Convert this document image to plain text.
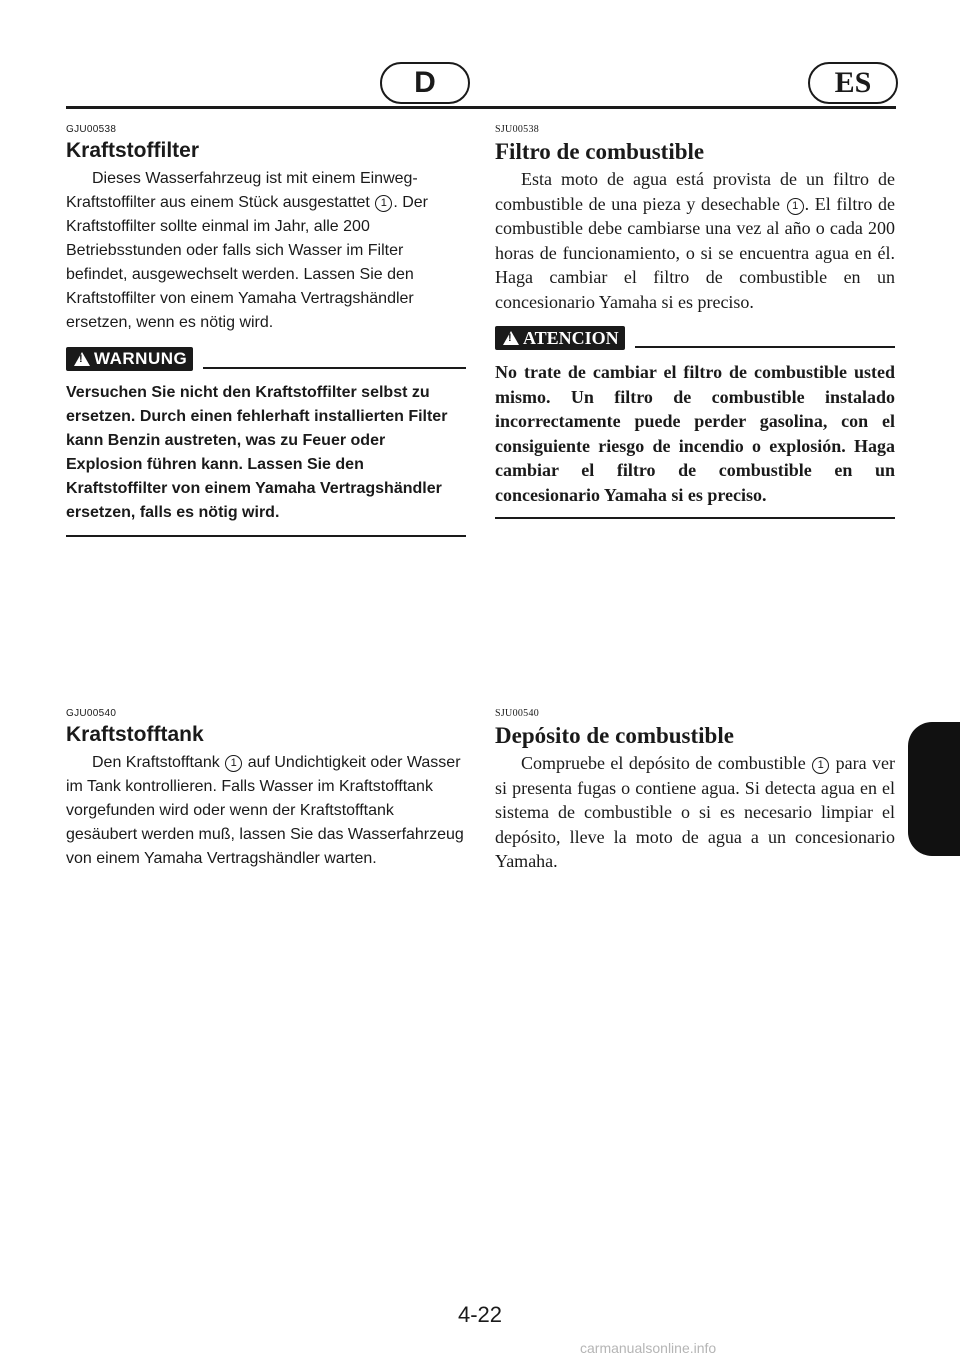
D	ES

GJU00538

Kraftstoffilter

Dieses Wasserfahrzeug ist mit einem Einweg-Kraftstoffilter aus einem Stück ausgestattet 1 . Der Kraftstoffilter sollte einmal im Jahr, alle 200 Betriebsstunden oder falls sich Wasser im Filter befindet, ausgewechselt werden. Lassen Sie den Kraftstoffilter von einem Yamaha Vertragshändler ersetzen, wenn es nötig wird.

!
WARNUNG

Versuchen Sie nicht den Kraftstoffilter selbst zu ersetzen. Durch einen fehlerhaft installierten Filter kann Benzin austreten, was zu Feuer oder Explosion führen kann. Lassen Sie den Kraftstoffilter von einem Yamaha Vertragshändler ersetzen, falls es nötig wird.

SJU00538

Filtro de combustible

Esta moto de agua está provista de un filtro de combustible de una pieza y desechable 1 . El filtro de combustible debe cambiarse una vez al año o cada 200 horas de funcionamiento, o si se encuentra agua en él. Haga cambiar el filtro de combustible en un concesionario Yamaha si es preciso.

!
ATENCION

No trate de cambiar el filtro de combustible usted mismo. Un filtro de combustible instalado incorrectamente puede perder gasolina, con el consiguiente riesgo de incendio o explosión. Haga cambiar el filtro de combustible en un concesionario Yamaha si es preciso.

GJU00540

Kraftstofftank

Den Kraftstofftank 1 auf Undichtigkeit oder Wasser im Tank kontrollieren. Falls Wasser im Kraftstofftank vorgefunden wird oder wenn der Kraftstofftank gesäubert werden muß, lassen Sie das Wasserfahrzeug von einem Yamaha Vertragshändler warten.

SJU00540

Depósito de combustible

Compruebe el depósito de combustible 1 para ver si presenta fugas o contiene agua. Si detecta agua en el sistema de combustible o si es necesario limpiar el depósito, lleve la moto de agua a un concesionario Yamaha.

4-22
carmanualsonline.info
